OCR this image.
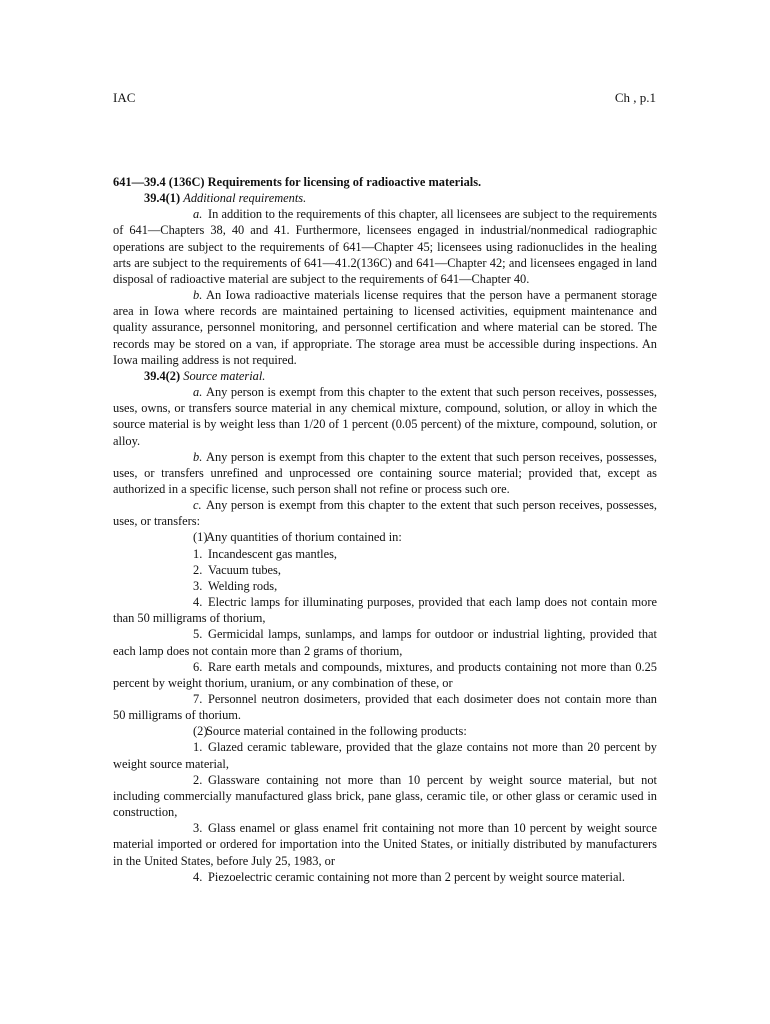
IAC	Ch , p.1

641—39.4 (136C) Requirements for licensing of radioactive materials.

39.4(1) Additional requirements.

a. In addition to the requirements of this chapter, all licensees are subject to the requirements of 641—Chapters 38, 40 and 41. Furthermore, licensees engaged in industrial/nonmedical radiographic operations are subject to the requirements of 641—Chapter 45; licensees using radionuclides in the healing arts are subject to the requirements of 641—41.2(136C) and 641—Chapter 42; and licensees engaged in land disposal of radioactive material are subject to the requirements of 641—Chapter 40.

b. An Iowa radioactive materials license requires that the person have a permanent storage area in Iowa where records are maintained pertaining to licensed activities, equipment maintenance and quality assurance, personnel monitoring, and personnel certification and where material can be stored. The records may be stored on a van, if appropriate. The storage area must be accessible during inspections. An Iowa mailing address is not required.

39.4(2) Source material.

a. Any person is exempt from this chapter to the extent that such person receives, possesses, uses, owns, or transfers source material in any chemical mixture, compound, solution, or alloy in which the source material is by weight less than 1/20 of 1 percent (0.05 percent) of the mixture, compound, solution, or alloy.

b. Any person is exempt from this chapter to the extent that such person receives, possesses, uses, or transfers unrefined and unprocessed ore containing source material; provided that, except as authorized in a specific license, such person shall not refine or process such ore.

c. Any person is exempt from this chapter to the extent that such person receives, possesses, uses, or transfers:

(1)Any quantities of thorium contained in:

1. Incandescent gas mantles,

2. Vacuum tubes,

3. Welding rods,

4. Electric lamps for illuminating purposes, provided that each lamp does not contain more than 50 milligrams of thorium,

5. Germicidal lamps, sunlamps, and lamps for outdoor or industrial lighting, provided that each lamp does not contain more than 2 grams of thorium,

6. Rare earth metals and compounds, mixtures, and products containing not more than 0.25 percent by weight thorium, uranium, or any combination of these, or

7. Personnel neutron dosimeters, provided that each dosimeter does not contain more than 50 milligrams of thorium.

(2)Source material contained in the following products:

1. Glazed ceramic tableware, provided that the glaze contains not more than 20 percent by weight source material,

2. Glassware containing not more than 10 percent by weight source material, but not including commercially manufactured glass brick, pane glass, ceramic tile, or other glass or ceramic used in construction,

3. Glass enamel or glass enamel frit containing not more than 10 percent by weight source material imported or ordered for importation into the United States, or initially distributed by manufacturers in the United States, before July 25, 1983, or

4. Piezoelectric ceramic containing not more than 2 percent by weight source material.
